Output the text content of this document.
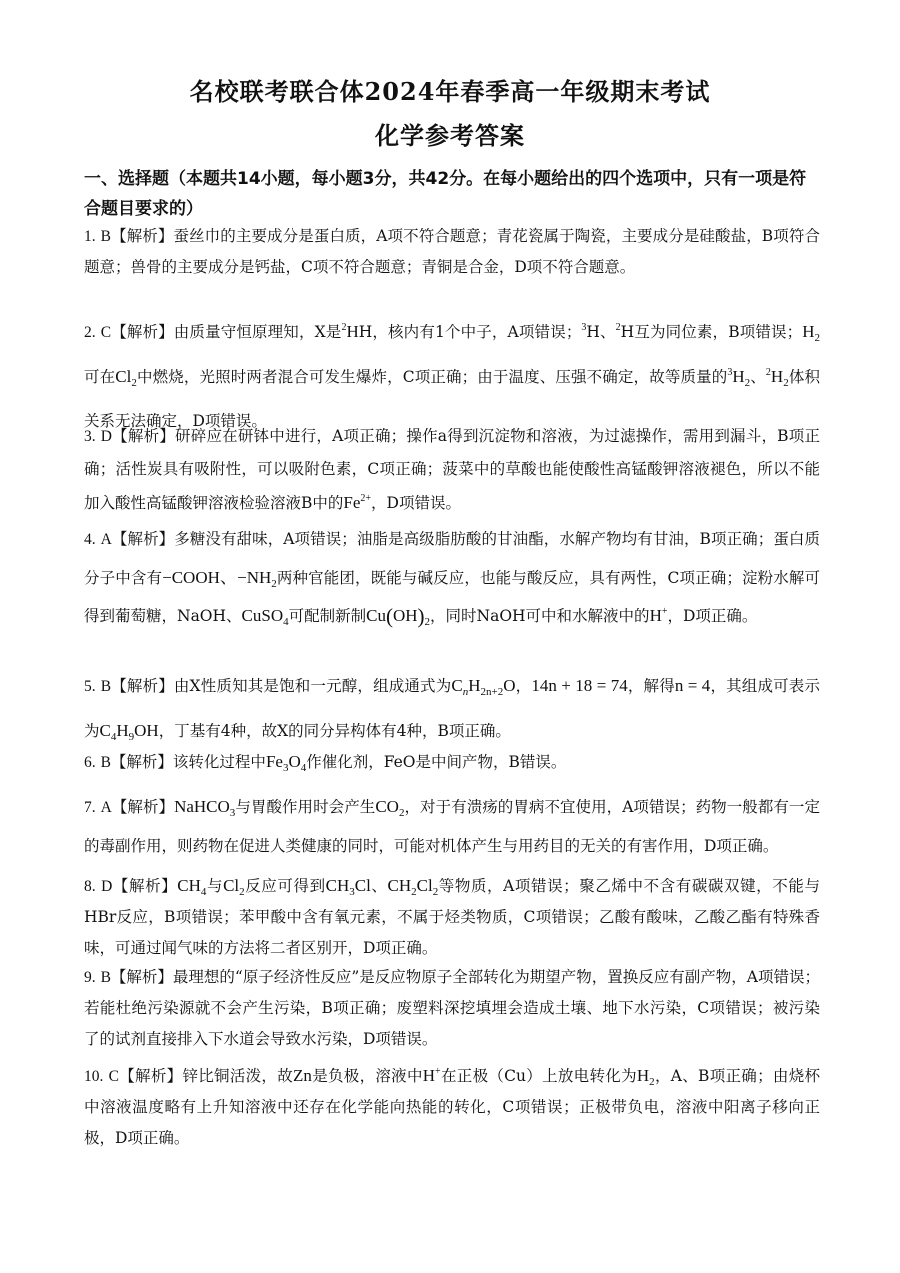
名校联考联合体2024年春季高一年级期末考试
化学参考答案

一、选择题（本题共14小题，每小题3分，共42分。在每小题给出的四个选项中，只有一项是符合题目要求的）

1. B【解析】蚕丝巾的主要成分是蛋白质，A项不符合题意；青花瓷属于陶瓷，主要成分是硅酸盐，B项符合题意；兽骨的主要成分是钙盐，C项不符合题意；青铜是合金，D项不符合题意。

2. C【解析】由质量守恒原理知，X是$^2$HH，核内有1个中子，A项错误；$^3$H、$^2$H互为同位素，B项错误；$H_2$可在$Cl_2$中燃烧，光照时两者混合可发生爆炸，C项正确；由于温度、压强不确定，故等质量的$^3H_2$、$^2H_2$体积关系无法确定，D项错误。

3. D【解析】研碎应在研钵中进行，A项正确；操作a得到沉淀物和溶液，为过滤操作，需用到漏斗，B项正确；活性炭具有吸附性，可以吸附色素，C项正确；菠菜中的草酸也能使酸性高锰酸钾溶液褪色，所以不能加入酸性高锰酸钾溶液检验溶液B中的$Fe^{2+}$，D项错误。

4. A【解析】多糖没有甜味，A项错误；油脂是高级脂肪酸的甘油酯，水解产物均有甘油，B项正确；蛋白质分子中含有−COOH、$-NH_2$两种官能团，既能与碱反应，也能与酸反应，具有两性，C项正确；淀粉水解可得到葡萄糖，NaOH、CuSO$_4$可配制新制$Cu(OH)_2$，同时NaOH可中和水解液中的H+，D项正确。

5. B【解析】由X性质知其是饱和一元醇，组成通式为$C_nH_{2n+2}O$，14n + 18 = 74，解得n = 4，其组成可表示为$C_4H_9OH$，丁基有4种，故X的同分异构体有4种，B项正确。

6. B【解析】该转化过程中$Fe_3O_4$作催化剂，FeO是中间产物，B错误。

7. A【解析】NaHCO$_3$与胃酸作用时会产生$CO_2$，对于有溃疡的胃病不宜使用，A项错误；药物一般都有一定的毒副作用，则药物在促进人类健康的同时，可能对机体产生与用药目的无关的有害作用，D项正确。

8. D【解析】$CH_4$与$Cl_2$反应可得到$CH_3Cl$、$CH_2Cl_2$等物质，A项错误；聚乙烯中不含有碳碳双键，不能与HBr反应，B项错误；苯甲酸中含有氧元素，不属于烃类物质，C项错误；乙酸有酸味，乙酸乙酯有特殊香味，可通过闻气味的方法将二者区别开，D项正确。

9. B【解析】最理想的“原子经济性反应”是反应物原子全部转化为期望产物，置换反应有副产物，A项错误；若能杜绝污染源就不会产生污染，B项正确；废塑料深挖填埋会造成土壤、地下水污染，C项错误；被污染了的试剂直接排入下水道会导致水污染，D项错误。

10. C【解析】锌比铜活泼，故Zn是负极，溶液中H+在正极（Cu）上放电转化为$H_2$，A、B项正确；由烧杯中溶液温度略有上升知溶液中还存在化学能向热能的转化，C项错误；正极带负电，溶液中阳离子移向正极，D项正确。
